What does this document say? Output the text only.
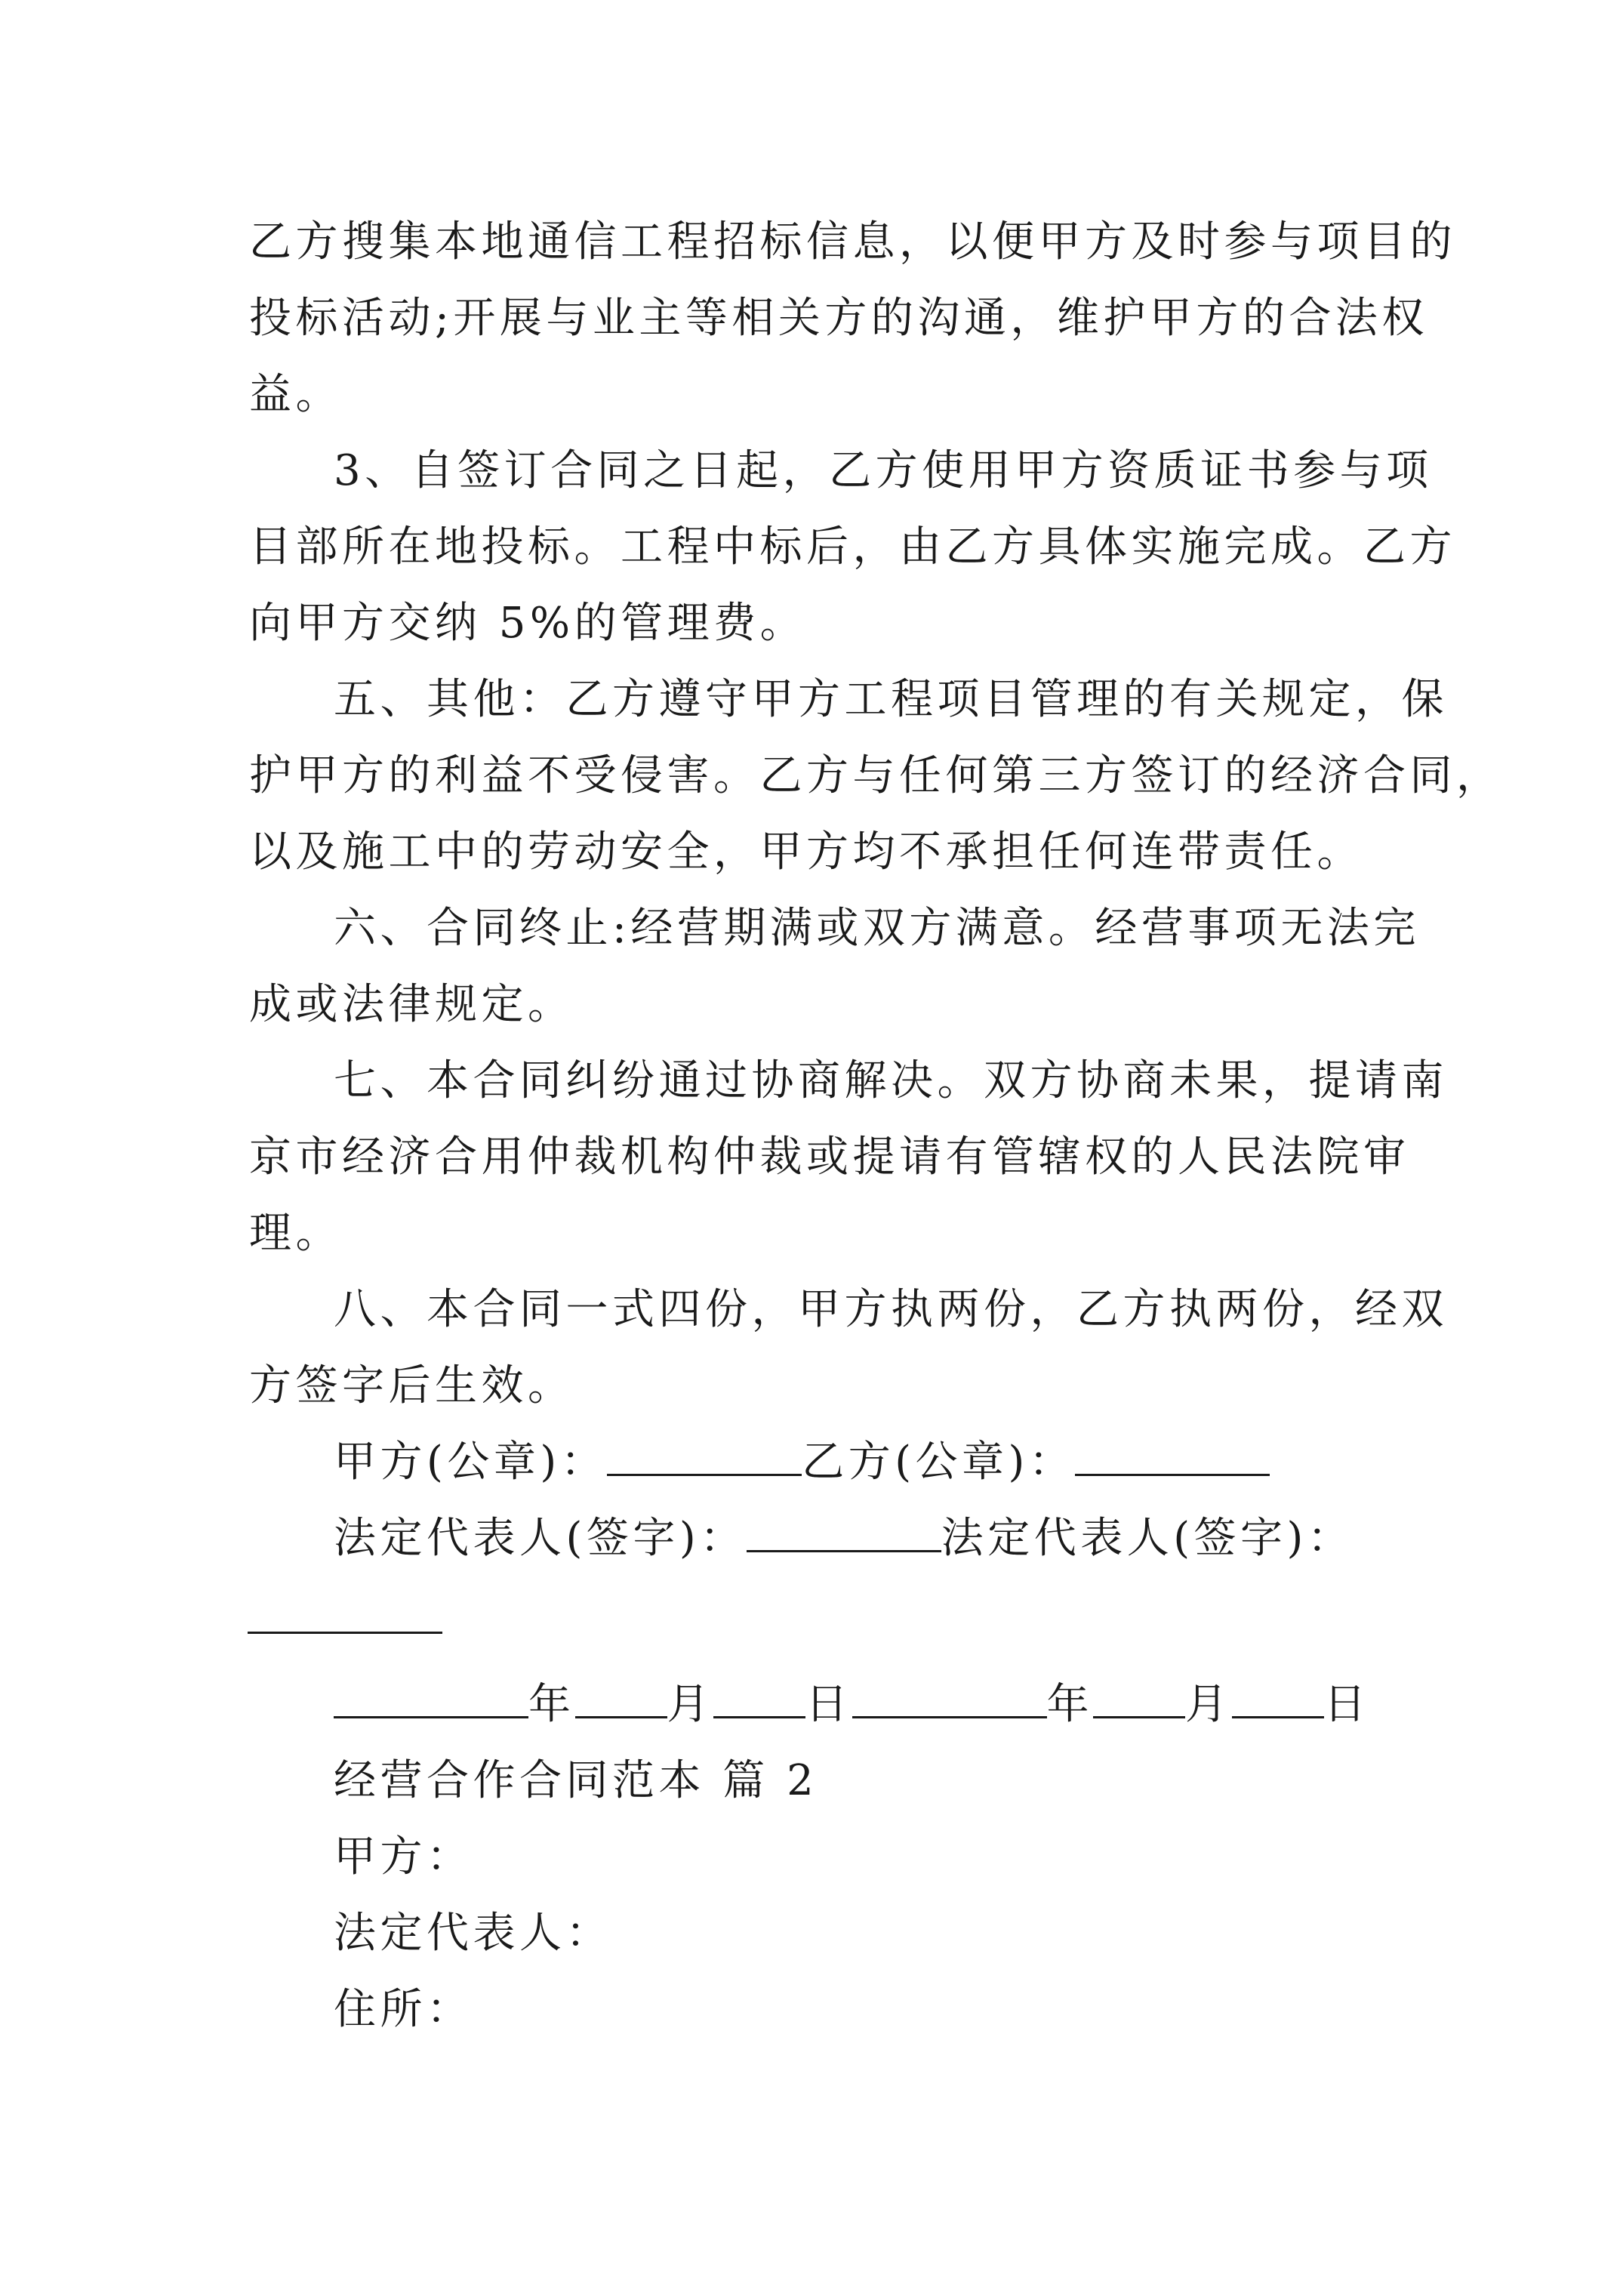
乙方搜集本地通信工程招标信息，以便甲方及时参与项目的
投标活动;开展与业主等相关方的沟通，维护甲方的合法权
益。
3、自签订合同之日起，乙方使用甲方资质证书参与项
目部所在地投标。工程中标后，由乙方具体实施完成。乙方
向甲方交纳 5%的管理费。
五、其他：乙方遵守甲方工程项目管理的有关规定，保
护甲方的利益不受侵害。乙方与任何第三方签订的经济合同，
以及施工中的劳动安全，甲方均不承担任何连带责任。
六、合同终止:经营期满或双方满意。经营事项无法完
成或法律规定。
七、本合同纠纷通过协商解决。双方协商未果，提请南
京市经济合用仲裁机构仲裁或提请有管辖权的人民法院审
理。
八、本合同一式四份，甲方执两份，乙方执两份，经双
方签字后生效。
甲方(公章)：	乙方(公章)：
法定代表人(签字)：	法定代表人(签字)：
年 月 日	年 月 日
经营合作合同范本 篇 2
甲方：
法定代表人：
住所：
